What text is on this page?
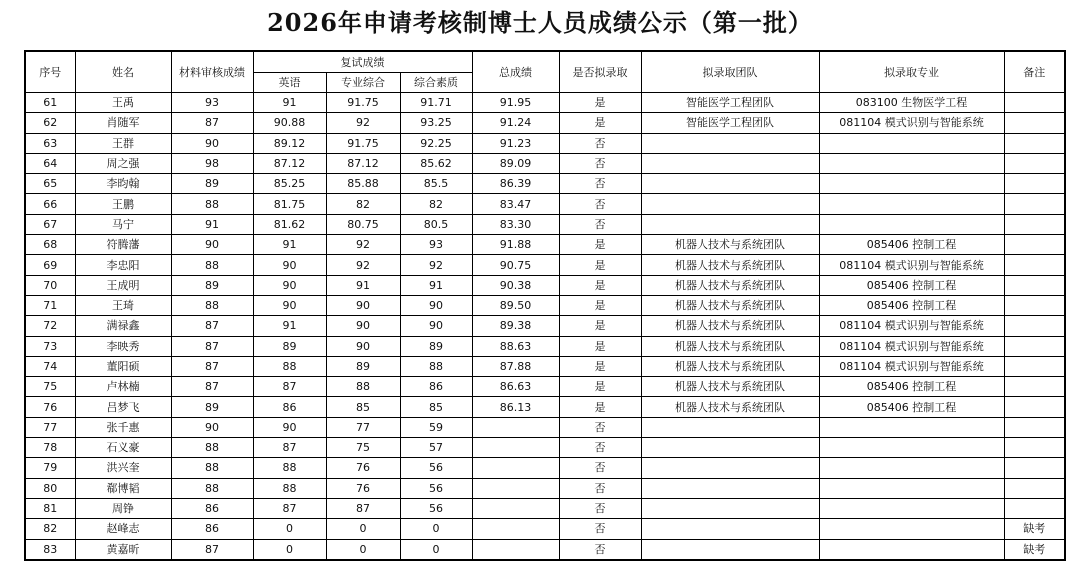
2026年申请考核制博士人员成绩公示（第一批）
序号	姓名	材料审核成绩	复试成绩			总成绩	是否拟录取	拟录取团队	拟录取专业	备注
			英语	专业综合	综合素质					
61	王禹	93	91	91.75	91.71	91.95	是	智能医学工程团队	083100 生物医学工程	
62	肖随军	87	90.88	92	93.25	91.24	是	智能医学工程团队	081104 模式识别与智能系统	
63	王群	90	89.12	91.75	92.25	91.23	否			
64	周之强	98	87.12	87.12	85.62	89.09	否			
65	李昀翰	89	85.25	85.88	85.5	86.39	否			
66	王鹏	88	81.75	82	82	83.47	否			
67	马宁	91	81.62	80.75	80.5	83.30	否			
68	符腾藩	90	91	92	93	91.88	是	机器人技术与系统团队	085406 控制工程	
69	李忠阳	88	90	92	92	90.75	是	机器人技术与系统团队	081104 模式识别与智能系统	
70	王成明	89	90	91	91	90.38	是	机器人技术与系统团队	085406 控制工程	
71	王琦	88	90	90	90	89.50	是	机器人技术与系统团队	085406 控制工程	
72	满禄鑫	87	91	90	90	89.38	是	机器人技术与系统团队	081104 模式识别与智能系统	
73	李映秀	87	89	90	89	88.63	是	机器人技术与系统团队	081104 模式识别与智能系统	
74	董阳硕	87	88	89	88	87.88	是	机器人技术与系统团队	081104 模式识别与智能系统	
75	卢林楠	87	87	88	86	86.63	是	机器人技术与系统团队	085406 控制工程	
76	吕梦飞	89	86	85	85	86.13	是	机器人技术与系统团队	085406 控制工程	
77	张千惠	90	90	77	59		否			
78	石义豪	88	87	75	57		否			
79	洪兴奎	88	88	76	56		否			
80	郗博韬	88	88	76	56		否			
81	周铮	86	87	87	56		否			
82	赵峰志	86	0	0	0		否			缺考
83	黄嘉昕	87	0	0	0		否			缺考
